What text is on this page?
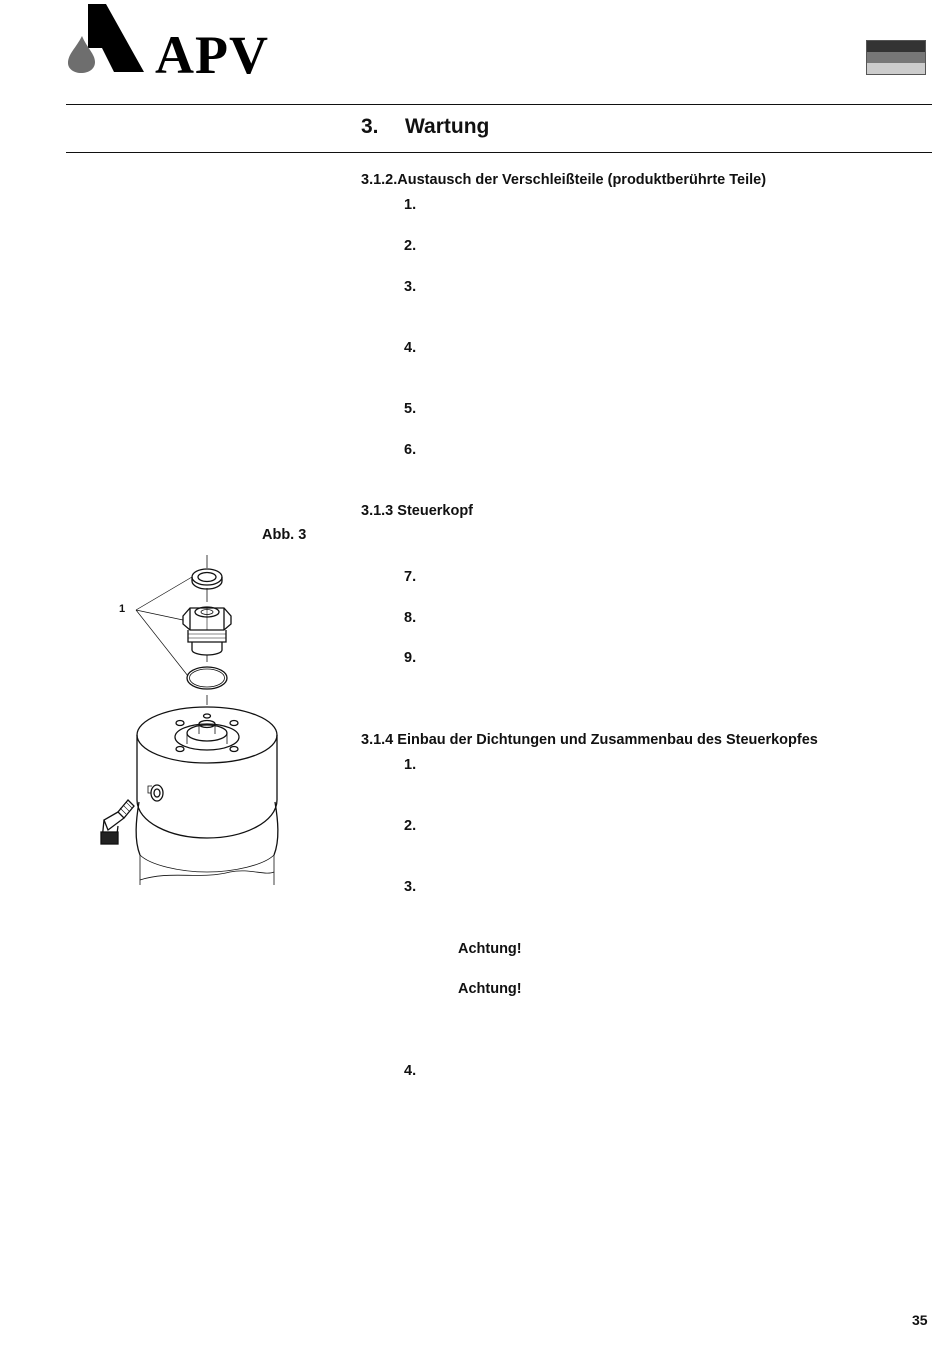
APV
3. Wartung
3.1.2.Austausch der Verschleißteile (produktberührte Teile)
1.
2.
3.
4.
5.
6.
3.1.3 Steuerkopf
Abb. 3
7.
8.
9.
3.1.4 Einbau der Dichtungen und Zusammenbau des Steuerkopfes
1.
2.
3.
Achtung!
Achtung!
4.
1
35
